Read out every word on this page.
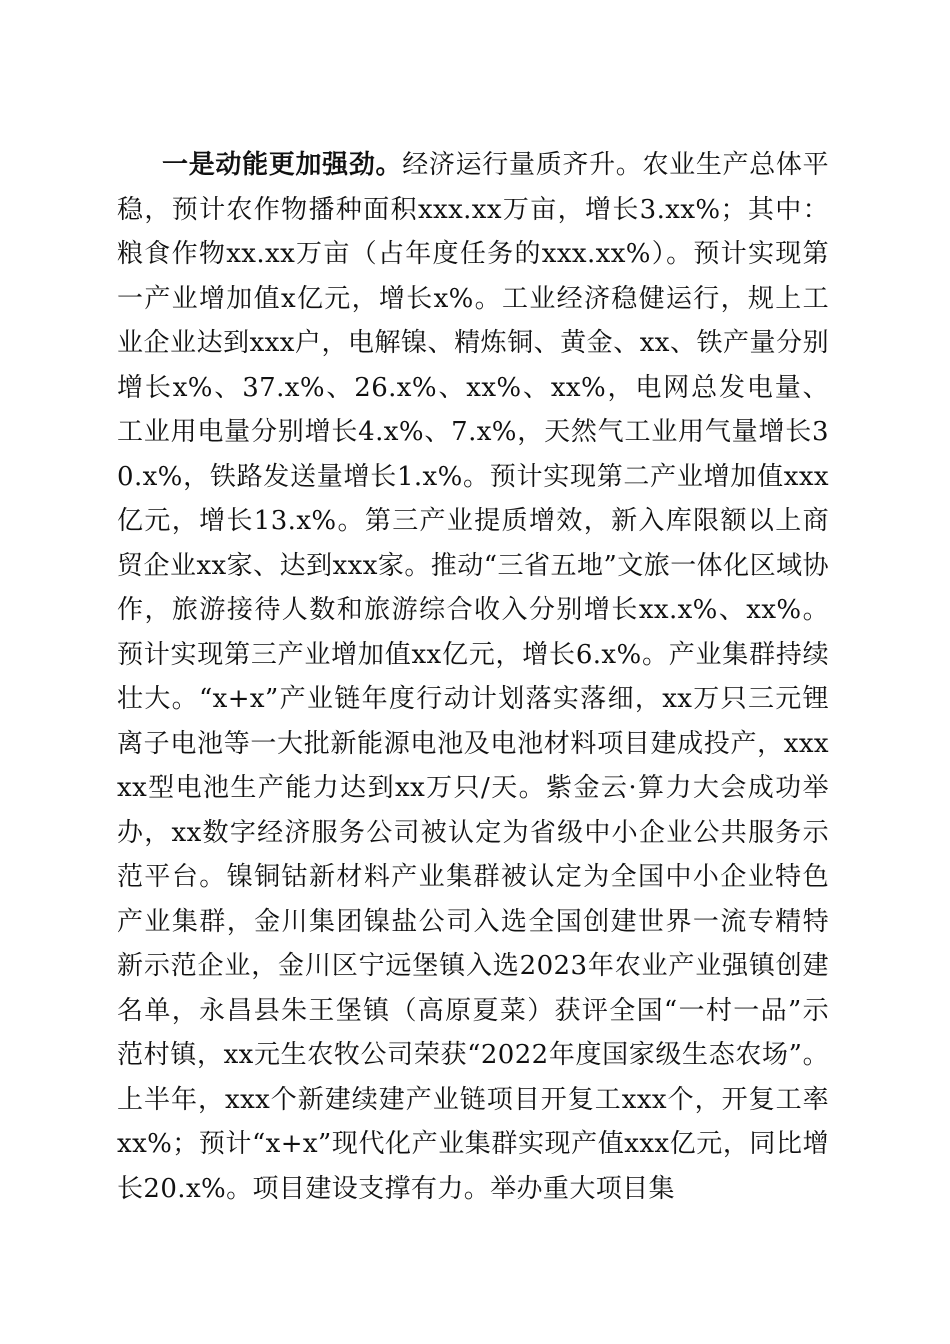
一是动能更加强劲。经济运行量质齐升。农业生产总体平稳，预计农作物播种面积xxx.xx万亩，增长3.xx%；其中：粮食作物xx.xx万亩（占年度任务的xxx.xx%）。预计实现第一产业增加值x亿元，增长x%。工业经济稳健运行，规上工业企业达到xxx户，电解镍、精炼铜、黄金、xx、铁产量分别增长x%、37.x%、26.x%、xx%、xx%，电网总发电量、工业用电量分别增长4.x%、7.x%，天然气工业用气量增长30.x%，铁路发送量增长1.x%。预计实现第二产业增加值xxx亿元，增长13.x%。第三产业提质增效，新入库限额以上商贸企业xx家、达到xxx家。推动“三省五地”文旅一体化区域协作，旅游接待人数和旅游综合收入分别增长xx.x%、xx%。预计实现第三产业增加值xx亿元，增长6.x%。产业集群持续壮大。“x+x”产业链年度行动计划落实落细，xx万只三元锂离子电池等一大批新能源电池及电池材料项目建成投产，xxxxx型电池生产能力达到xx万只/天。紫金云·算力大会成功举办，xx数字经济服务公司被认定为省级中小企业公共服务示范平台。镍铜钴新材料产业集群被认定为全国中小企业特色产业集群，金川集团镍盐公司入选全国创建世界一流专精特新示范企业，金川区宁远堡镇入选2023年农业产业强镇创建名单，永昌县朱王堡镇（高原夏菜）获评全国“一村一品”示范村镇，xx元生农牧公司荣获“2022年度国家级生态农场”。上半年，xxx个新建续建产业链项目开复工xxx个，开复工率xx%；预计“x+x”现代化产业集群实现产值xxx亿元，同比增长20.x%。项目建设支撑有力。举办重大项目集
